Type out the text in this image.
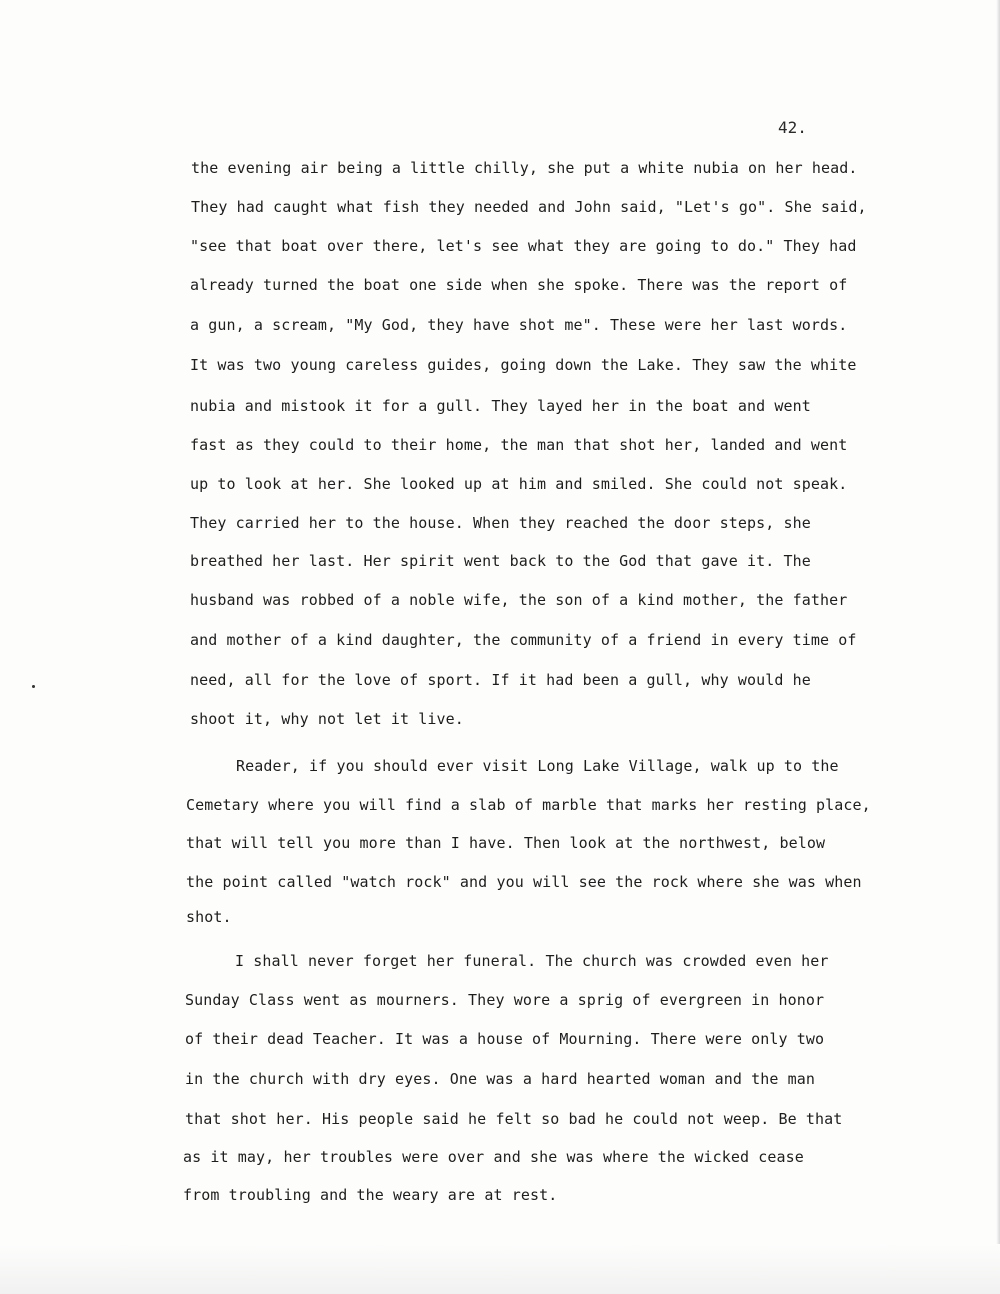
42.

the evening air being a little chilly, she put a white nubia on her head.

They had caught what fish they needed and John said, "Let's go". She said,

"see that boat over there, let's see what they are going to do." They had

already turned the boat one side when she spoke. There was the report of

a gun, a scream, "My God, they have shot me". These were her last words.

It was two young careless guides, going down the Lake. They saw the white

nubia and mistook it for a gull. They layed her in the boat and went

fast as they could to their home, the man that shot her, landed and went

up to look at her. She looked up at him and smiled. She could not speak.

They carried her to the house. When they reached the door steps, she

breathed her last. Her spirit went back to the God that gave it. The

husband was robbed of a noble wife, the son of a kind mother, the father

and mother of a kind daughter, the community of a friend in every time of

need, all for the love of sport. If it had been a gull, why would he

shoot it, why not let it live.

Reader, if you should ever visit Long Lake Village, walk up to the

Cemetary where you will find a slab of marble that marks her resting place,

that will tell you more than I have. Then look at the northwest, below

the point called "watch rock" and you will see the rock where she was when

shot.

I shall never forget her funeral. The church was crowded even her

Sunday Class went as mourners. They wore a sprig of evergreen in honor

of their dead Teacher. It was a house of Mourning. There were only two

in the church with dry eyes. One was a hard hearted woman and the man

that shot her. His people said he felt so bad he could not weep. Be that

as it may, her troubles were over and she was where the wicked cease

from troubling and the weary are at rest.
